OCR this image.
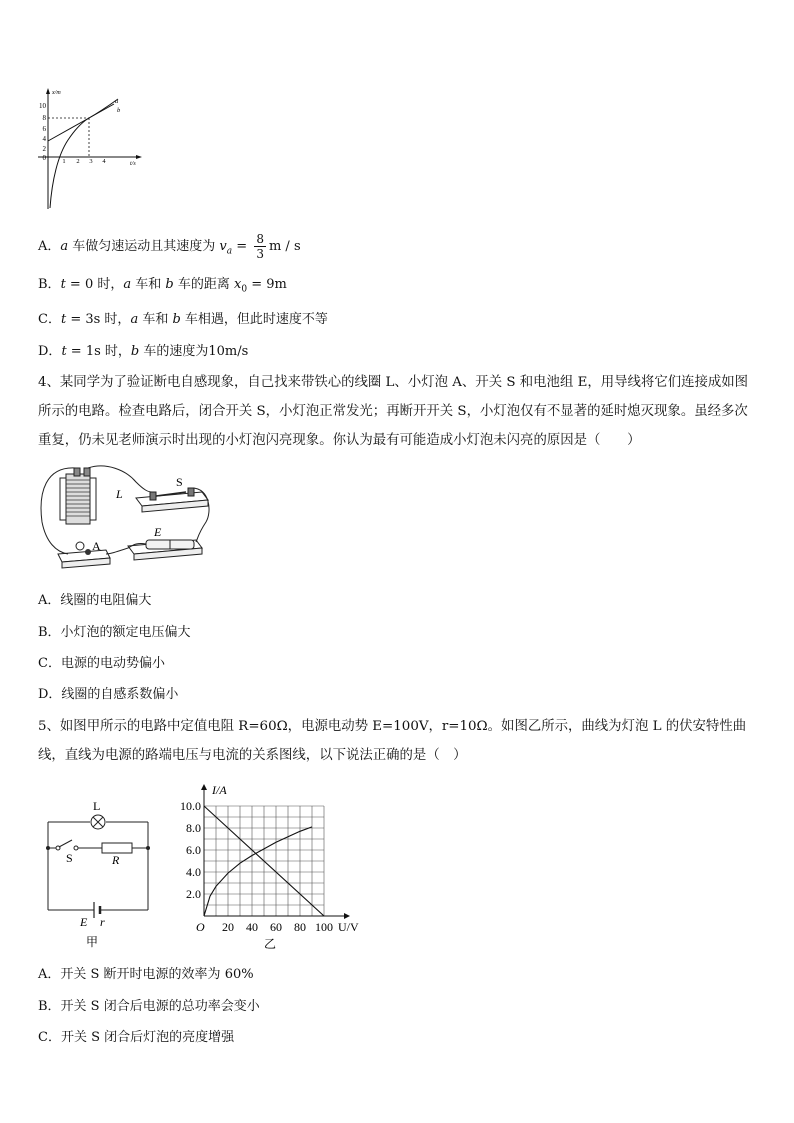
x/m
t/s
10
8
6
4
2
0	1 2 3 4
a
b
A．a 车做匀速运动且其速度为 $v_a = \frac{8}{3}$ m / s
B．t = 0 时，a 车和 b 车的距离 $x_0 = 9m$
C．t = 3s 时，a 车和 b 车相遇，但此时速度不等
D．t = 1s 时，b 车的速度为10m/s
4、某同学为了验证断电自感现象，自己找来带铁心的线圈 L、小灯泡 A、开关 S 和电池组 E，用导线将它们连接成如图所示的电路。检查电路后，闭合开关 S，小灯泡正常发光；再断开开关 S，小灯泡仅有不显著的延时熄灭现象。虽经多次重复，仍未见老师演示时出现的小灯泡闪亮现象。你认为最有可能造成小灯泡未闪亮的原因是（　　）
L
S
E
A
A．线圈的电阻偏大
B．小灯泡的额定电压偏大
C．电源的电动势偏小
D．线圈的自感系数偏小
5、如图甲所示的电路中定值电阻 R=60Ω，电源电动势 E=100V，r=10Ω。如图乙所示，曲线为灯泡 L 的伏安特性曲线，直线为电源的路端电压与电流的关系图线，以下说法正确的是（　）
L
S	R
E r
甲
I/A
U/V
O 20 40 60 80 100
2.0
4.0
6.0
8.0
10.0
乙
A．开关 S 断开时电源的效率为 60%
B．开关 S 闭合后电源的总功率会变小
C．开关 S 闭合后灯泡的亮度增强
